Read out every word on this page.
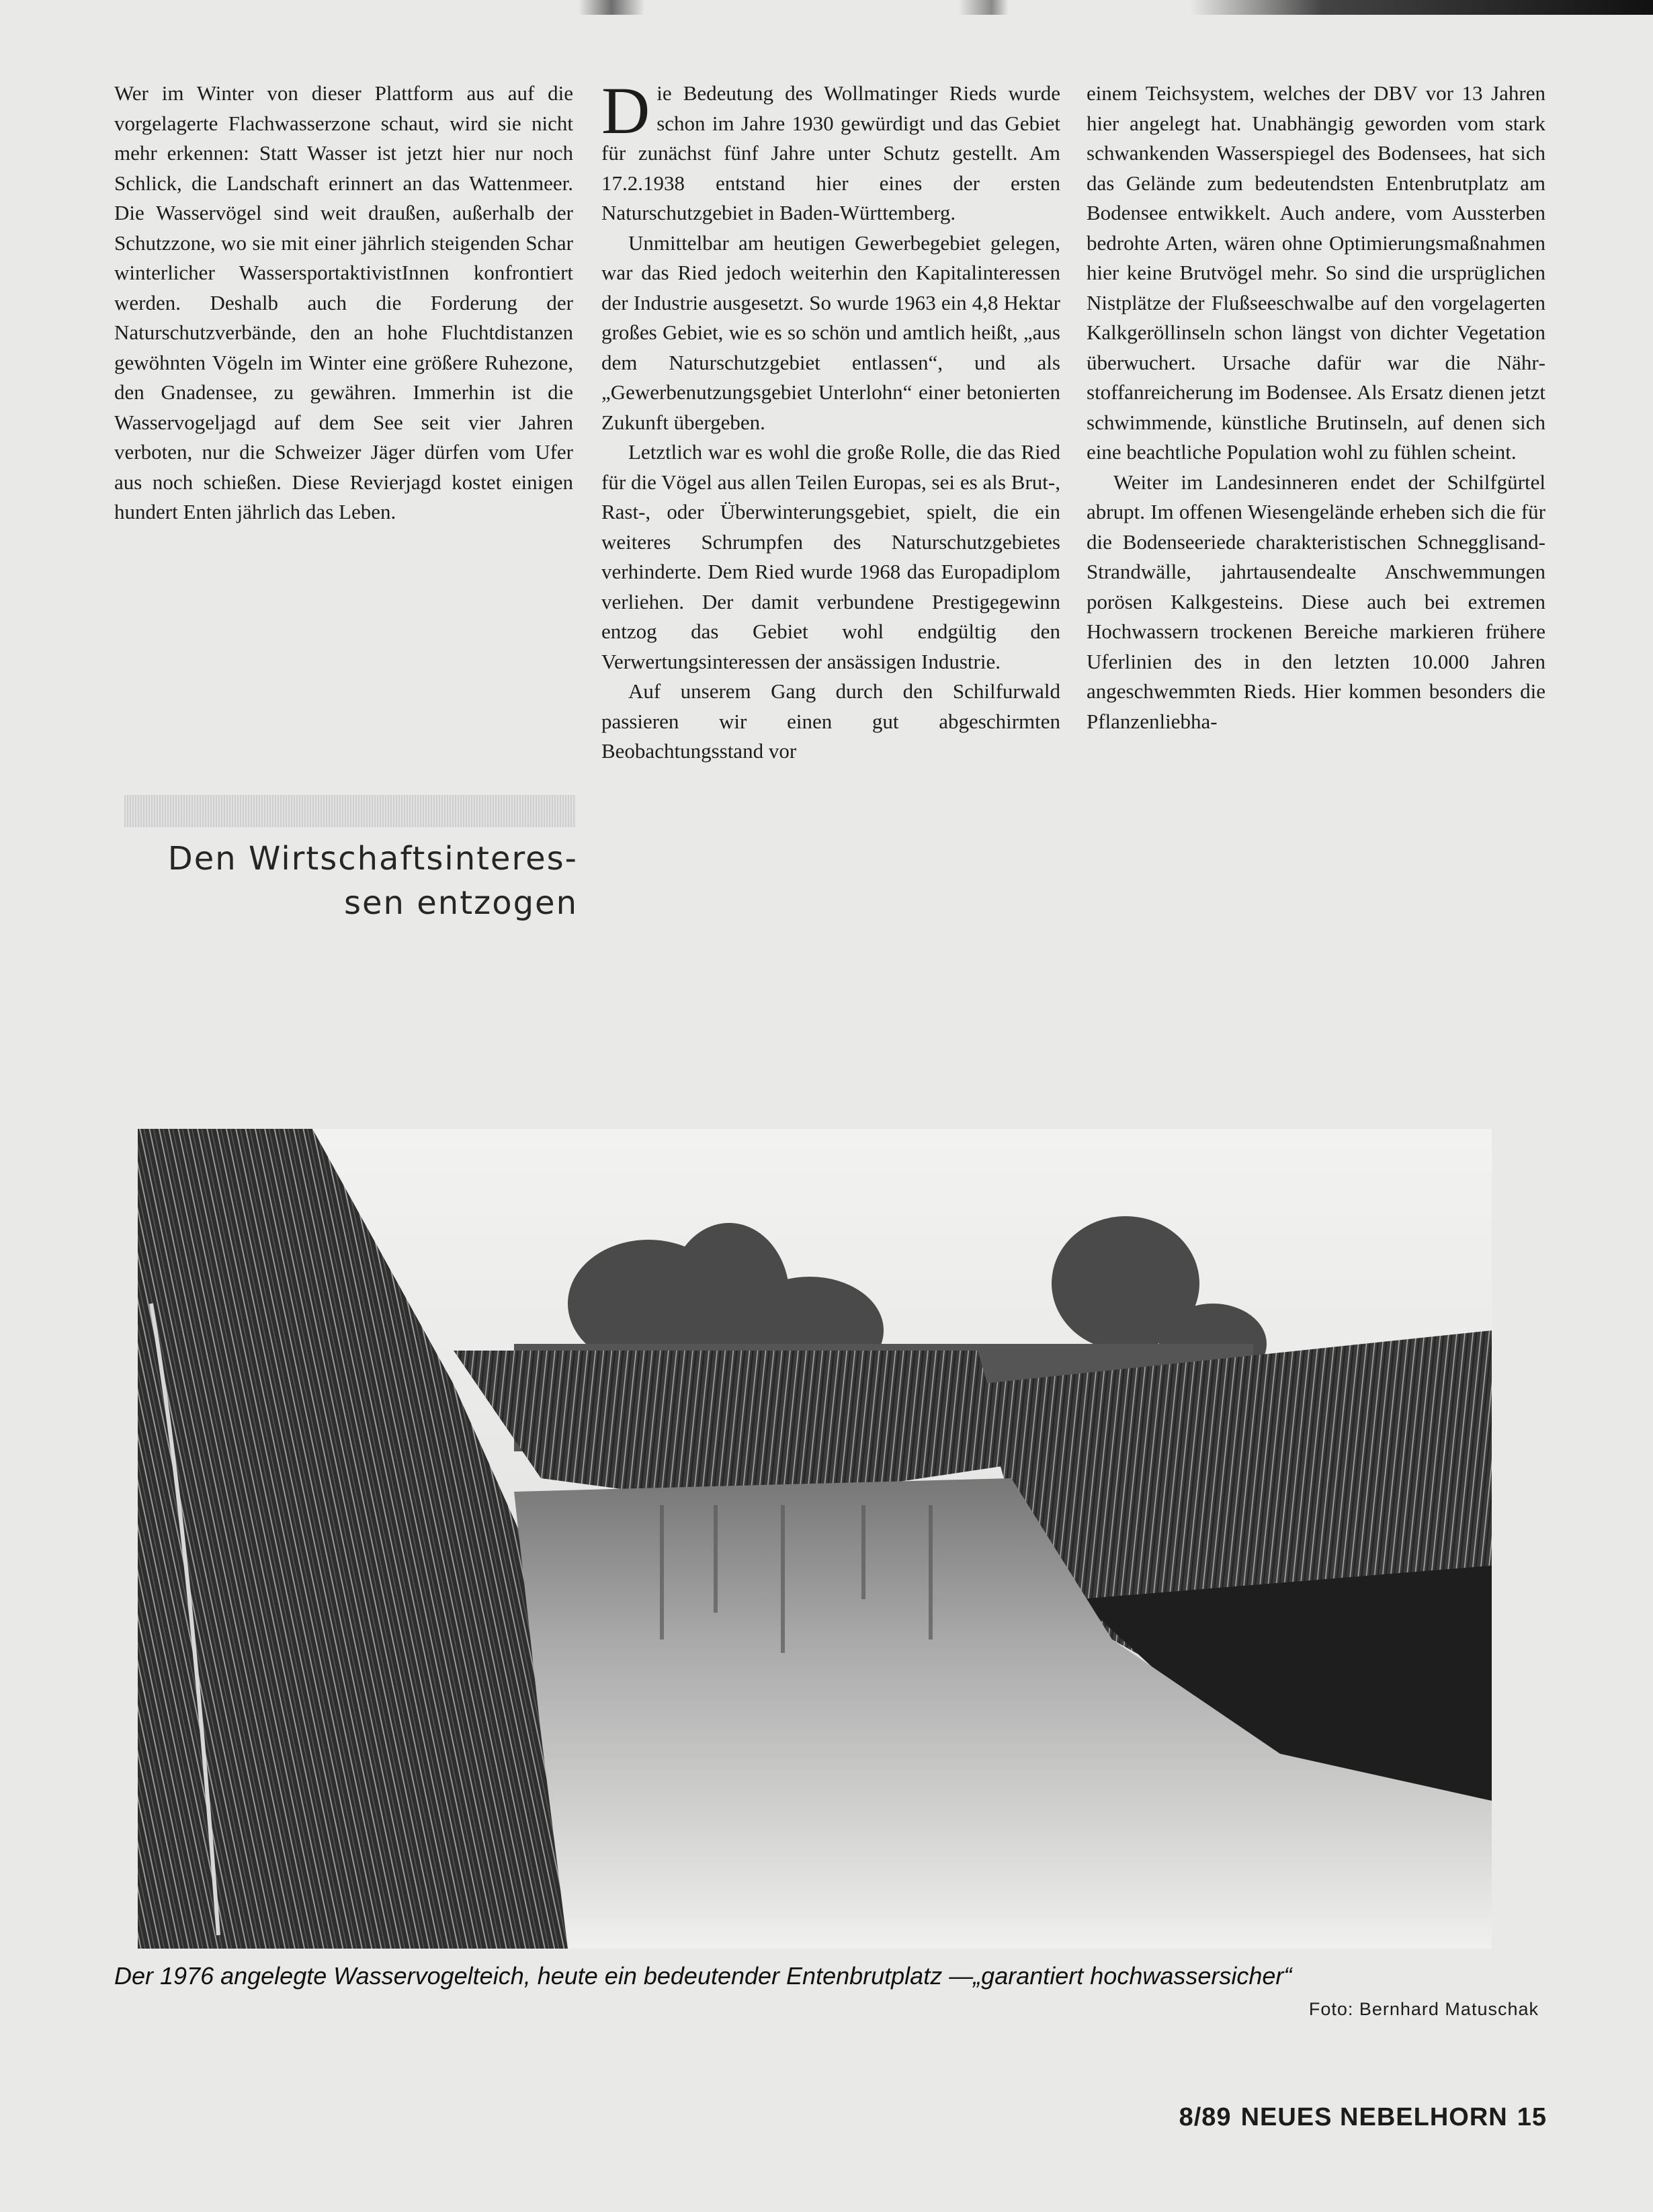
Wer im Winter von dieser Plattform aus auf die vorgelagerte Flachwasserzone schaut, wird sie nicht mehr erkennen: Statt Wasser ist jetzt hier nur noch Schlick, die Landschaft erinnert an das Wattenmeer. Die Wasservögel sind weit draußen, außerhalb der Schutzzone, wo sie mit einer jährlich steigenden Schar winterlicher WassersportaktivistInnen konfrontiert werden. Deshalb auch die Forderung der Naturschutzverbände, den an hohe Fluchtdistanzen gewöhnten Vögeln im Winter eine größere Ruhezone, den Gnadensee, zu gewähren. Immerhin ist die Wasservogeljagd auf dem See seit vier Jahren verboten, nur die Schweizer Jäger dürfen vom Ufer aus noch schießen. Diese Revierjagd kostet einigen hundert Enten jährlich das Leben.

Den Wirtschaftsinteres-
sen entzogen

Die Bedeutung des Wollmatinger Rieds wurde schon im Jahre 1930 gewürdigt und das Gebiet für zunächst fünf Jahre unter Schutz gestellt. Am 17.2.1938 entstand hier eines der ersten Naturschutzgebiet in Baden-Württemberg.

Unmittelbar am heutigen Gewerbegebiet gelegen, war das Ried jedoch weiterhin den Kapitalinteressen der Industrie ausgesetzt. So wurde 1963 ein 4,8 Hektar großes Gebiet, wie es so schön und amtlich heißt, „aus dem Naturschutzgebiet entlassen“, und als „Gewerbenutzungsgebiet Unterlohn“ einer betonierten Zukunft übergeben.

Letztlich war es wohl die große Rolle, die das Ried für die Vögel aus allen Teilen Europas, sei es als Brut-, Rast-, oder Überwinterungsgebiet, spielt, die ein weiteres Schrumpfen des Naturschutzgebietes verhinderte. Dem Ried wurde 1968 das Europadiplom verliehen. Der damit verbundene Prestigegewinn entzog das Gebiet wohl endgültig den Verwertungsinteressen der ansässigen Industrie.

Auf unserem Gang durch den Schilfurwald passieren wir einen gut abgeschirmten Beobachtungsstand vor

einem Teichsystem, welches der DBV vor 13 Jahren hier angelegt hat. Unabhängig geworden vom stark schwankenden Wasserspiegel des Bodensees, hat sich das Gelände zum bedeutendsten Entenbrutplatz am Bodensee entwikkelt. Auch andere, vom Aussterben bedrohte Arten, wären ohne Optimierungsmaßnahmen hier keine Brutvögel mehr. So sind die ursprüglichen Nistplätze der Flußseeschwalbe auf den vorgelagerten Kalkgeröllinseln schon längst von dichter Vegetation überwuchert. Ursache dafür war die Nährstoffanreicherung im Bodensee. Als Ersatz dienen jetzt schwimmende, künstliche Brutinseln, auf denen sich eine beachtliche Population wohl zu fühlen scheint.

Weiter im Landesinneren endet der Schilfgürtel abrupt. Im offenen Wiesengelände erheben sich die für die Bodenseeriede charakteristischen Schnegglisand-Strandwälle, jahrtausendealte Anschwemmungen porösen Kalkgesteins. Diese auch bei extremen Hochwassern trockenen Bereiche markieren frühere Uferlinien des in den letzten 10.000 Jahren angeschwemmten Rieds. Hier kommen besonders die Pflanzenliebha-

Der 1976 angelegte Wasservogelteich, heute ein bedeutender Entenbrutplatz —„garantiert hochwassersicher“
Foto: Bernhard Matuschak
8/89 NEUES NEBELHORN 15
